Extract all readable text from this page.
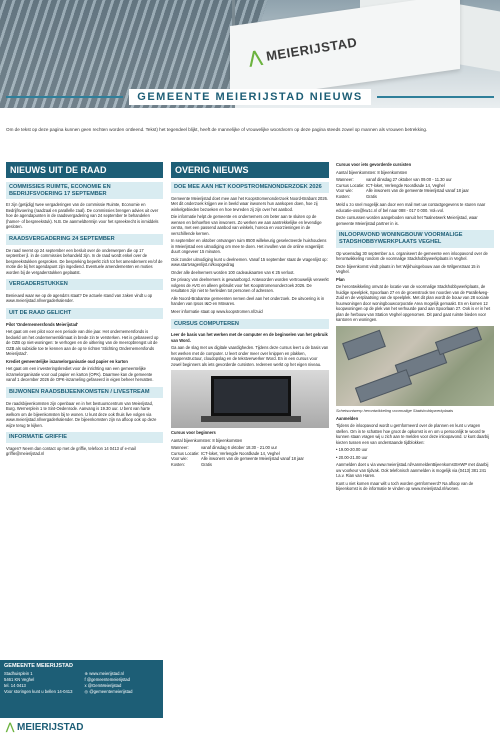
⋀ MEIERIJSTAD
GEMEENTE MEIERIJSTAD NIEUWS
Om de tekst op deze pagina kunnen geen rechten worden ontleend. Tekst) het tegendeel blijkt, heeft de mannelijke of vrouwelijke woordvorm op deze pagina steeds zowel op mannen als vrouwen betrekking.
NIEUWS UIT DE RAAD
COMMISSIES RUIMTE, ECONOMIE EN BEDRIJFSVOERING 17 SEPTEMBER
Er zijn (getijdig) twee vergaderingen van de commissie Ruimte, Economie en Bedrijfsvoering (raadzaal en parallelle zaal). De commissies brengen advies uit over hoe de agendapunten in de raadsvergadering van 24 september te behandelen (hamer- of bespreekstuk). N.B. De aanmeldtermijn voor het spreekrecht is inmiddels gesloten.
RAADSVERGADERING 24 SEPTEMBER
De raad neemt op 24 september een besluit over de onderwerpen die op 17 september jl. in de commissies behandeld zijn. In de raad wordt enkel over de bespreekstukken gesproken. De bespreking beperkt zich tot het amendement en/of de motie die bij het agendapunt zijn ingediend. Eventuele amendementen en moties worden bij de vergaderstukken geplaatst.
VERGADERSTUKKEN
Benieuwd waar we op de agenda's staat? De actuele stand van zaken vindt u op www.meierijstad.nl/vergaderkalender.
UIT DE RAAD GELICHT
Pilot 'Ondernemersfonds Meierijstad'
Het gaat om een pilot voor een periode van drie jaar. Het ondernemersfonds is bedoeld om het ondernemersklimaat in brede zin te versterken. Het is gebaseerd op de OZB op niet-woningen: te verhogen en de uitkering van de meeropbrengst uit de OZB als subsidie toe te kennen aan de op te richten 'Stichting Ondernemersfonds Meierijstad'.
Krediet gemeentelijke inzamelorganisatie oud papier en karton
Het gaat om een investeringskrediet voor de inrichting van een gemeentelijke inzamelorganisatie voor oud papier en karton (OPK). Daarmee kan de gemeente vanaf 1 december 2026 de OPK-inzameling gefaseerd in eigen beheer hervatten.
BIJWONEN RAADSBIJEENKOMSTEN / LIVESTREAM
De raadsbijeenkomsten zijn openbaar en in het bestuurscentrum van Meierijstad, Burg. Wernerplein 1 te Sint-Oedenrode. Aanvang is 19.30 uur. U bent van harte welkom om de bijeenkomsten bij te wonen. U kunt deze ook thuis live volgen via www.meierijstad.nl/vergaderkalender. De bijeenkomsten zijn na afloop ook op deze wijze terug te kijken.
INFORMATIE GRIFFIE
Vragen? Neem dan contact op met de griffie, telefoon 14 0413 of e-mail griffie@meierijstad.nl
OVERIG NIEUWS
DOE MEE AAN HET KOOPSTROMENONDERZOEK 2026
Gemeente Meierijstad doet mee aan het Koopstromenonderzoek Noord-Brabant 2026. Met dit onderzoek krijgen we in beeld waar inwoners hun aankopen doen, hoe zij winkelgebieden bezoeken en hoe tevreden zij zijn over het aanbod.
Die informatie helpt de gemeente en ondernemers om beter aan te sluiten op de wensen en behoeften van inwoners. Zo werken we aan aantrekkelijke en levendige centra, met een passend aanbod van winkels, horeca en voorzieningen in de verschillende kernen.
In september en oktober ontvangen ruim 8500 willekeurig geselecteerde huishoudens in Meierijstad een uitnodiging om mee te doen. Het invullen van de online vragenlijst duurt ongeveer 15 minuten.
Ook zonder uitnodiging kunt u deelnemen. Vanaf 15 september staat de vragenlijst op: www.startvragenlijst.nl/koopgedrag
Onder alle deelnemers worden 100 cadeaukaarten van € 25 verloot.
De privacy van deelnemers is gewaarborgd. Antwoorden worden vertrouwelijk verwerkt volgens de AVG en alleen gebruikt voor het Koopstromenonderzoek 2026. De resultaten zijn niet te herleiden tot personen of adressen.
Alle Noord-Brabantse gemeenten nemen deel aan het onderzoek. De uitvoering is in handen van Ipsos I&O en Mövares.
Meer informatie staat op www.koopstromen.nl/zuid
CURSUS COMPUTEREN
Leer de basis van het werken met de computer en de beginselen van het gebruik van Word.
Ga aan de slag met uw digitale vaardigheden. Tijdens deze cursus leert u de basis van het werken met de computer. U leert onder meer over knippen en plakken, mappenstructuur, cloudopslag en de tekstverwerker Word. En in een cursus voor zowel beginners als iets gevorderde cursisten. Iedereen werkt op het eigen niveau.
Cursus voor beginners
Aantal bijeenkomsten: 8 bijeenkomsten
Wanneer:	vanaf dinsdag 6 oktober 18.30 - 21.00 uur
Cursus Locatie: ICT-loket, Verlengde Noordkade 14, Veghel
Voor wie:	Alle inwoners van de gemeente Meierijstad vanaf 18 jaar
Kosten:	Gratis
Cursus voor iets gevorderde cursisten
Aantal bijeenkomsten: 8 bijeenkomsten
Wanneer:	vanaf dinsdag 27 oktober van 09.00 - 11.30 uur
Cursus Locatie: ICT-loket, Verlengde Noordkade 14, Veghel
Voor wie:	Alle inwoners van de gemeente Meierijstad vanaf 18 jaar
Kosten:	Gratis
Meld u zo snel mogelijk aan door een mail met uw contactgegevens te sturen naar educatie-oss@kw1c.nl of bel naar 088 - 017 0 000. Vol=vol.
Deze cursussen worden aangeboden vanuit het Taalnetwerk Meierijstad, waar gemeente Meierijstad partner in is.
INLOOPAVOND WONINGBOUW VOORMALIGE STADSHOBBYWERKPLAATS VEGHEL
Op woensdag 30 september a.s. organiseert de gemeente een inloopavond over de herontwikkeling rondom de voormalige Stadshobbywerkplaats in Veghel.
Deze bijeenkomst vindt plaats in het Wijkhuisgebouw aan de Wilgenstraat 15 in Veghel.
Plan
De herontwikkeling omvat de locatie van de voormalige Stadshobbywerkplaats, de huidige speelplek, Spoorlaan 27 en de groenstrook ten noorden van de Parallelweg-Zuid en de verplaatsing van de speelplek. Met dit plan wordt de bouw van 28 sociale huurwoningen door woningbouwcorporatie Area mogelijk gemaakt. En en komen 12 koopwoningen op de plek van het verhuurde pand aan Spoorlaan 27. Ook is er in het plan de herbouw van Station Veghel opgenomen. Dit pand gaat ruimte bieden voor kantoren en woningen.
Schetsontwerp herontwikkeling voormalige Stadshobbywerkplaats
Aanmelden
Tijdens de inloopavond wordt u geïnformeerd over de plannen en kunt u vragen stellen. Om in te schatten hoe groot de opkomst is en om u persoonlijk te woord te kunnen staan vragen wij u zich aan te melden voor deze inloopavond. U kunt daarbij kiezen tussen een van onderstaande tijdblokken:
• 19.00-20.00 uur
• 20.00-21.00 uur
Aanmelden doet u via www.meierijstad.nl/AanmeldenBijeenkomstSHWP met daarbij uw voorkeur van tijdvak. Ook telefonisch aanmelden is mogelijk via (0413) 381 241 t.a.v. Rian van Haren.
Kunt u niet komen maar wilt u toch worden geïnformeerd? Na afloop van de bijeenkomst is de informatie te vinden op www.meierijstad.nl/wonen.
GEMEENTE MEIERIJSTAD
Stadhuisplein 1
5461 KN Veghel
tel. 14 0413
Voor storingen kunt u bellen 14-0413
⊕ www.meierijstad.nl
f @gemeentemeierijstad
x @GemMeierijstad
◎ @gemeentemeierijstad
⋀ MEIERIJSTAD
